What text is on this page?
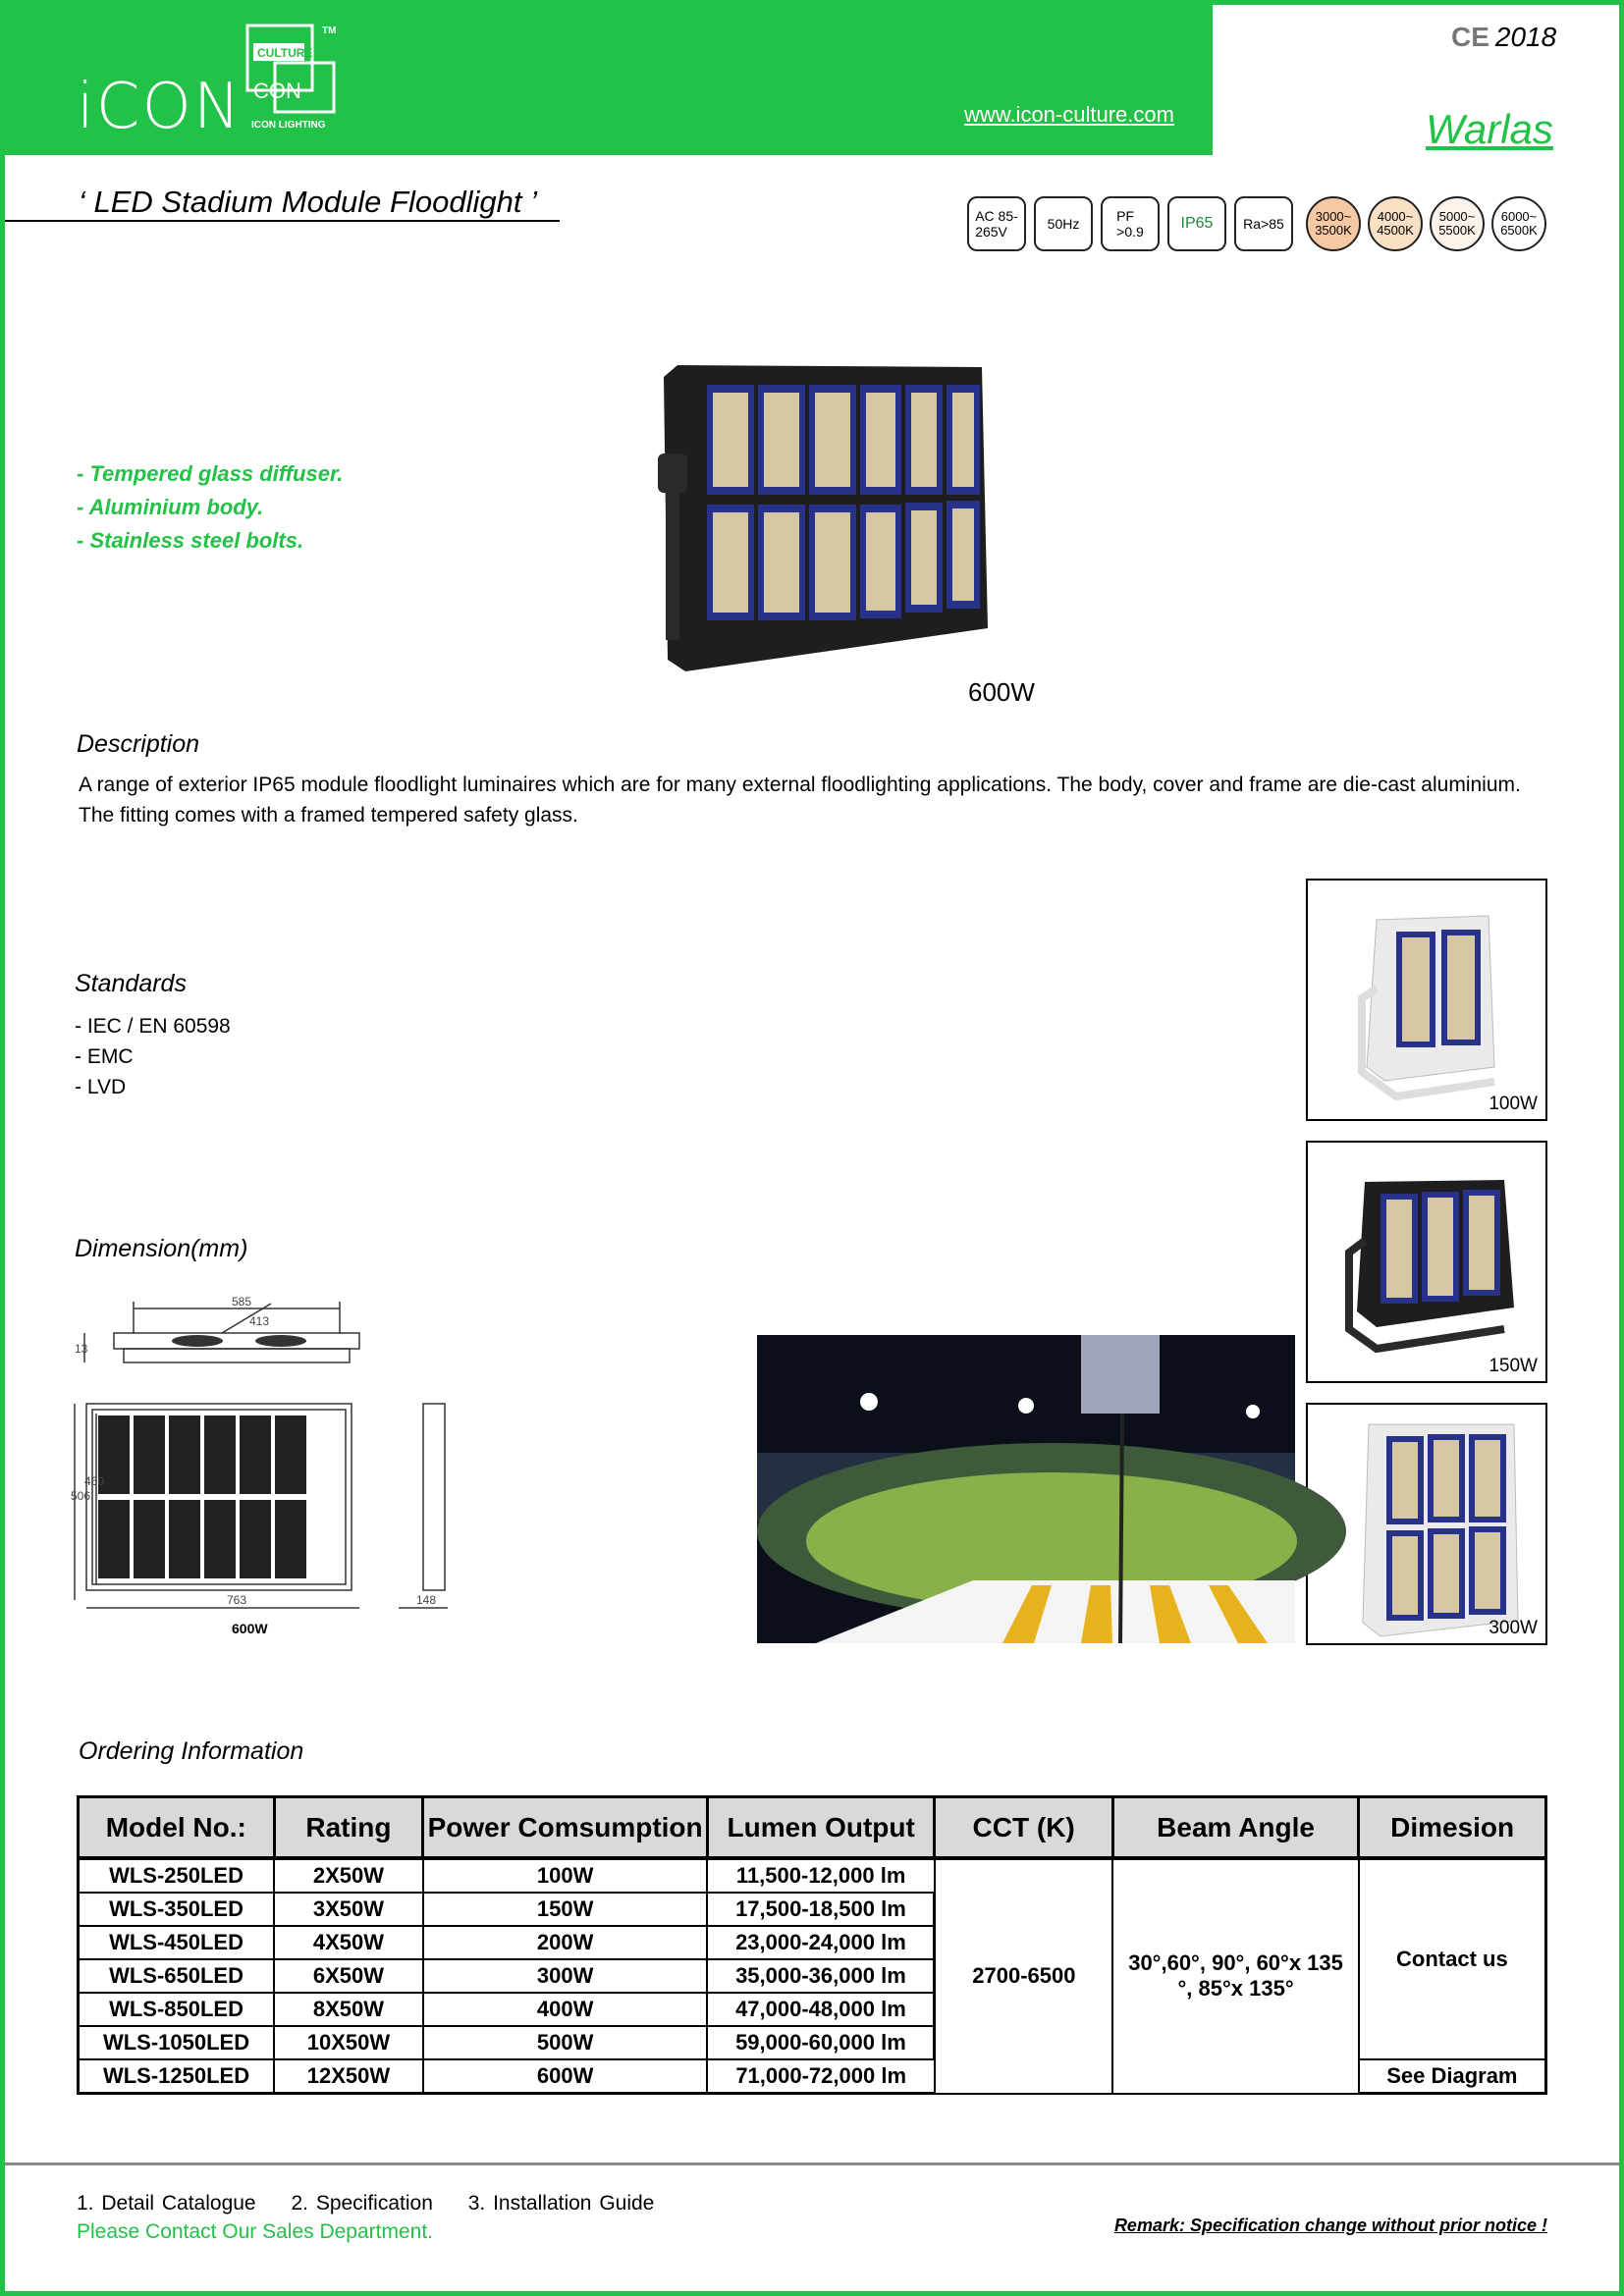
iCON
CULTURE
CON
ICON LIGHTING
TM
www.icon-culture.com
CE 2018
Warlas
‘ LED Stadium Module Floodlight ’	AC 85-
265V	50Hz	PF
>0.9 IP65 Ra>85 3000~
3500K
4000~
4500K
5000~
5500K
6000~
6500K
- Tempered glass diffuser.
- Aluminium body.
- Stainless steel bolts.
600W
Description
A range of exterior IP65 module floodlight luminaires which are for many external floodlighting applications. The body, cover and frame are die-cast aluminium. The fitting comes with a framed tempered safety glass.
Standards
- IEC / EN 60598
- EMC
- LVD
100W
150W
300W
Dimension(mm)
585
413
13
506
460
763	148
600W
Ordering Information
Model No.:	Rating	Power Comsumption	Lumen Output	CCT (K)	Beam Angle	Dimesion
WLS-250LED	2X50W	100W	11,500-12,000 lm	2700-6500	30°,60°, 90°, 60°x 135
°, 85°x 135°	Contact us
WLS-350LED	3X50W	150W	17,500-18,500 lm			
WLS-450LED	4X50W	200W	23,000-24,000 lm			
WLS-650LED	6X50W	300W	35,000-36,000 lm			
WLS-850LED	8X50W	400W	47,000-48,000 lm			
WLS-1050LED	10X50W	500W	59,000-60,000 lm			
WLS-1250LED	12X50W	600W	71,000-72,000 lm			See Diagram
1. Detail Catalogue 2. Specification 3. Installation Guide
Please Contact Our Sales Department.	Remark: Specification change without prior notice !
